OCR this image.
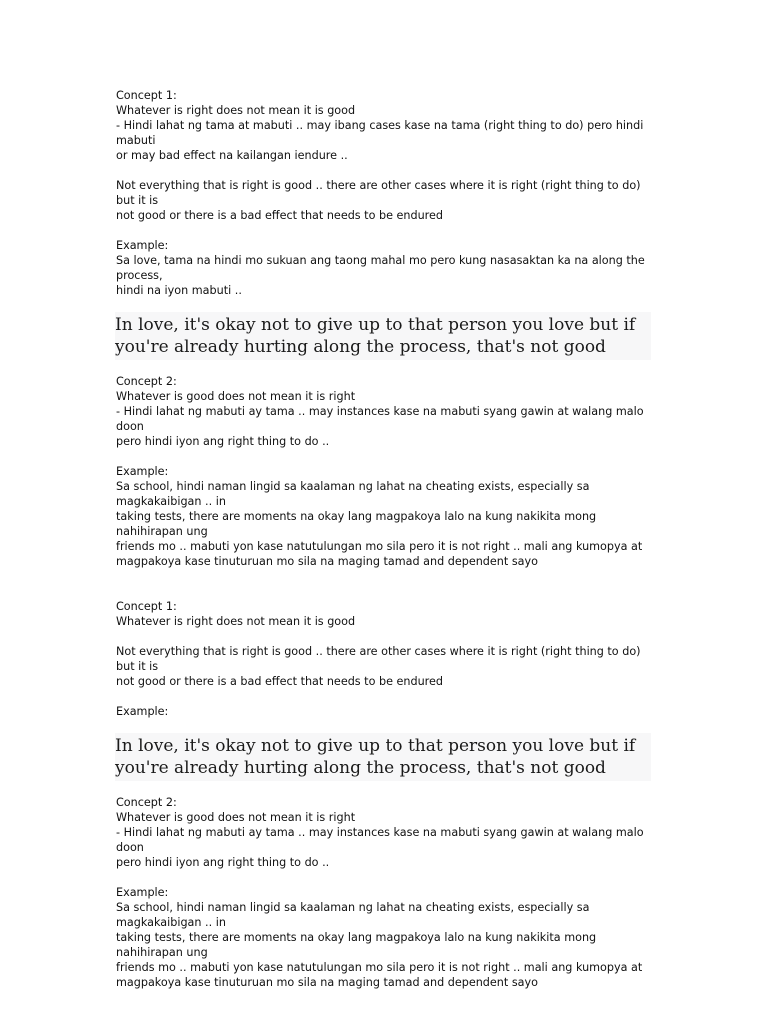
Concept 1:

Whatever is right does not mean it is good

- Hindi lahat ng tama at mabuti .. may ibang cases kase na tama (right thing to do) pero hindi mabuti

or may bad effect na kailangan iendure ..

Not everything that is right is good .. there are other cases where it is right (right thing to do) but it is

not good or there is a bad effect that needs to be endured

Example:

Sa love, tama na hindi mo sukuan ang taong mahal mo pero kung nasasaktan ka na along the process,

hindi na iyon mabuti ..

In love, it's okay not to give up to that person you love but if you're already hurting along the process, that's not good

Concept 2:

Whatever is good does not mean it is right

- Hindi lahat ng mabuti ay tama .. may instances kase na mabuti syang gawin at walang malo doon

pero hindi iyon ang right thing to do ..

Example:

Sa school, hindi naman lingid sa kaalaman ng lahat na cheating exists, especially sa magkakaibigan .. in

taking tests, there are moments na okay lang magpakoya lalo na kung nakikita mong nahihirapan ung

friends mo .. mabuti yon kase natutulungan mo sila pero it is not right .. mali ang kumopya at

magpakoya kase tinuturuan mo sila na maging tamad and dependent sayo

Concept 1:

Whatever is right does not mean it is good

Not everything that is right is good .. there are other cases where it is right (right thing to do) but it is

not good or there is a bad effect that needs to be endured

Example:

In love, it's okay not to give up to that person you love but if you're already hurting along the process, that's not good

Concept 2:

Whatever is good does not mean it is right

- Hindi lahat ng mabuti ay tama .. may instances kase na mabuti syang gawin at walang malo doon

pero hindi iyon ang right thing to do ..

Example:

Sa school, hindi naman lingid sa kaalaman ng lahat na cheating exists, especially sa magkakaibigan .. in

taking tests, there are moments na okay lang magpakoya lalo na kung nakikita mong nahihirapan ung

friends mo .. mabuti yon kase natutulungan mo sila pero it is not right .. mali ang kumopya at

magpakoya kase tinuturuan mo sila na maging tamad and dependent sayo
